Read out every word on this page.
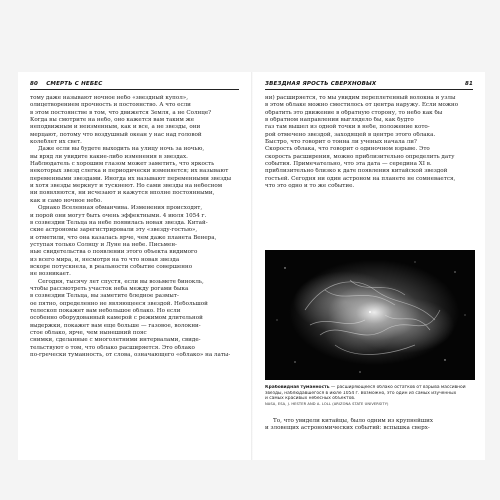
80 СМЕРТЬ С НЕБЕС
тому даже называют ночное небо «звездный купол»,
олицетворением прочность и постоянство. А что если
в этом постоянстве в том, что движется Земля, а не Солнце?
Когда вы смотрите на небо, оно кажется вам таким же
неподвижным и неизменным, как и все, а не звезды, они
мерцают, потому что воздушный океан у нас над головой
колеблет их свет.
Даже если вы будете выходить на улицу ночь за ночью,
вы вряд ли увидите какие-либо изменения в звездах.
Наблюдатель с хорошим глазом может заметить, что яркость
некоторых звезд слегка и периодически изменяется; их называют
переменными звездами. Иногда их называют переменными звезды
и хотя звезды меркнут и тускнеют. Но сами звезды на небесном
ни появляются, ни исчезают и кажутся вполне постоянными,
как и само ночное небо.
Однако Вселенная обманчива. Изменения происходят,
и порой они могут быть очень эффектными. 4 июля 1054 г.
в созвездии Тельца на небе появилась новая звезда. Китай-
ские астрономы зарегистрировали эту «звезду-гостью»,
и отметили, что она казалась ярче, чем даже планета Венера,
уступая только Солнцу и Луне на небе. Письмен-
ные свидетельства о появлении этого объекта видимого
из всего мира, и, несмотря на то что новая звезда
вскоре потускнела, в реальности событие совершенно
не возникает.
Сегодня, тысячу лет спустя, если вы возьмете бинокль,
чтобы рассмотреть участок неба между рогами быка
в созвездии Тельца, вы заметите бледное размыт-
ое пятно, определенно не являющееся звездой. Небольшой
телескоп покажет вам небольшое облако. Но если
особенно оборудованный камерой с режимом длительной
выдержки, покажет вам еще больше — газовое, волокни-
стое облако, ярче, чем нынешний пояс
снимки, сделанные с многолетними интервалами, свиде-
тельствуют о том, что облако расширяется. Это облако
по-гречески туманность, от слова, означающего «облако» на латы-
ЗВЕЗДНАЯ ЯРОСТЬ СВЕРХНОВЫХ	81
ни) расширяется, то мы увидим переплетенный волокна и узлы
в этом облаке можно сместилось от центра наружу. Если можно
обратить это движение в обратную сторону, то небо как бы
в обратном направлении выглядело бы, как будто
газ там вышел из одной точки в небе, положение кото-
рой отмечено звездой, заходящей в центре этого облака.
Быстро, что говорит о тонна ли ученых начала ли?
Скорость облака, что говорит о одиночном взрыве. Это
скорость расширения, можно приблизительно определить дату
события. Примечательно, что эта дата — середина XI в.
приблизительно близко к дате появления китайской звездой
гостьей. Сегодня ни один астроном на планете не сомневается,
что это одно и то же событие.
Крабовидная туманность — расширяющееся облако остатков от взрыва массивной
звезды, наблюдавшегося в июле 1054 г. Возможно, это один из самых изученных
и самых красивых небесных объектов.
NASA, ESA, J. HESTER AND A. LOLL (ARIZONA STATE UNIVERSITY)
То, что увидели китайцы, было одним из крупнейших
и зловещих астрономических событий: вспышка сверх-
